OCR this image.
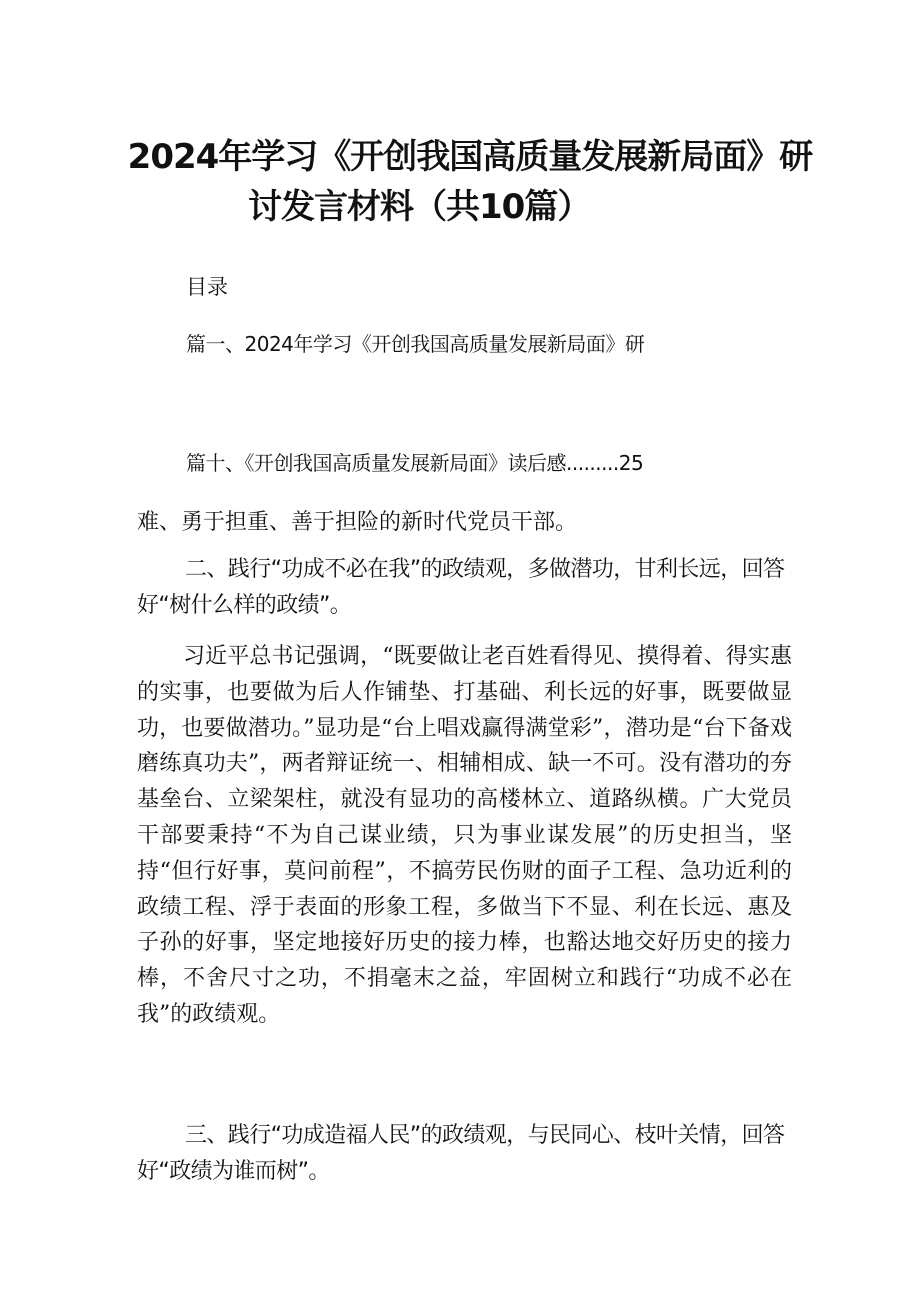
2024年学习《开创我国高质量发展新局面》研
讨发言材料（共10篇）

目录

篇一、2024年学习《开创我国高质量发展新局面》研

篇十、《开创我国高质量发展新局面》读后感.........25

难、勇于担重、善于担险的新时代党员干部。

二、践行“功成不必在我”的政绩观，多做潜功，甘利长远，回答好“树什么样的政绩”。

习近平总书记强调，“既要做让老百姓看得见、摸得着、得实惠的实事，也要做为后人作铺垫、打基础、利长远的好事，既要做显功，也要做潜功。”显功是“台上唱戏赢得满堂彩”，潜功是“台下备戏磨练真功夫”，两者辩证统一、相辅相成、缺一不可。没有潜功的夯基垒台、立梁架柱，就没有显功的高楼林立、道路纵横。广大党员干部要秉持“不为自己谋业绩，只为事业谋发展”的历史担当，坚持“但行好事，莫问前程”，不搞劳民伤财的面子工程、急功近利的政绩工程、浮于表面的形象工程，多做当下不显、利在长远、惠及子孙的好事，坚定地接好历史的接力棒，也豁达地交好历史的接力棒，不舍尺寸之功，不捐毫末之益，牢固树立和践行“功成不必在我”的政绩观。

三、践行“功成造福人民”的政绩观，与民同心、枝叶关情，回答好“政绩为谁而树”。
